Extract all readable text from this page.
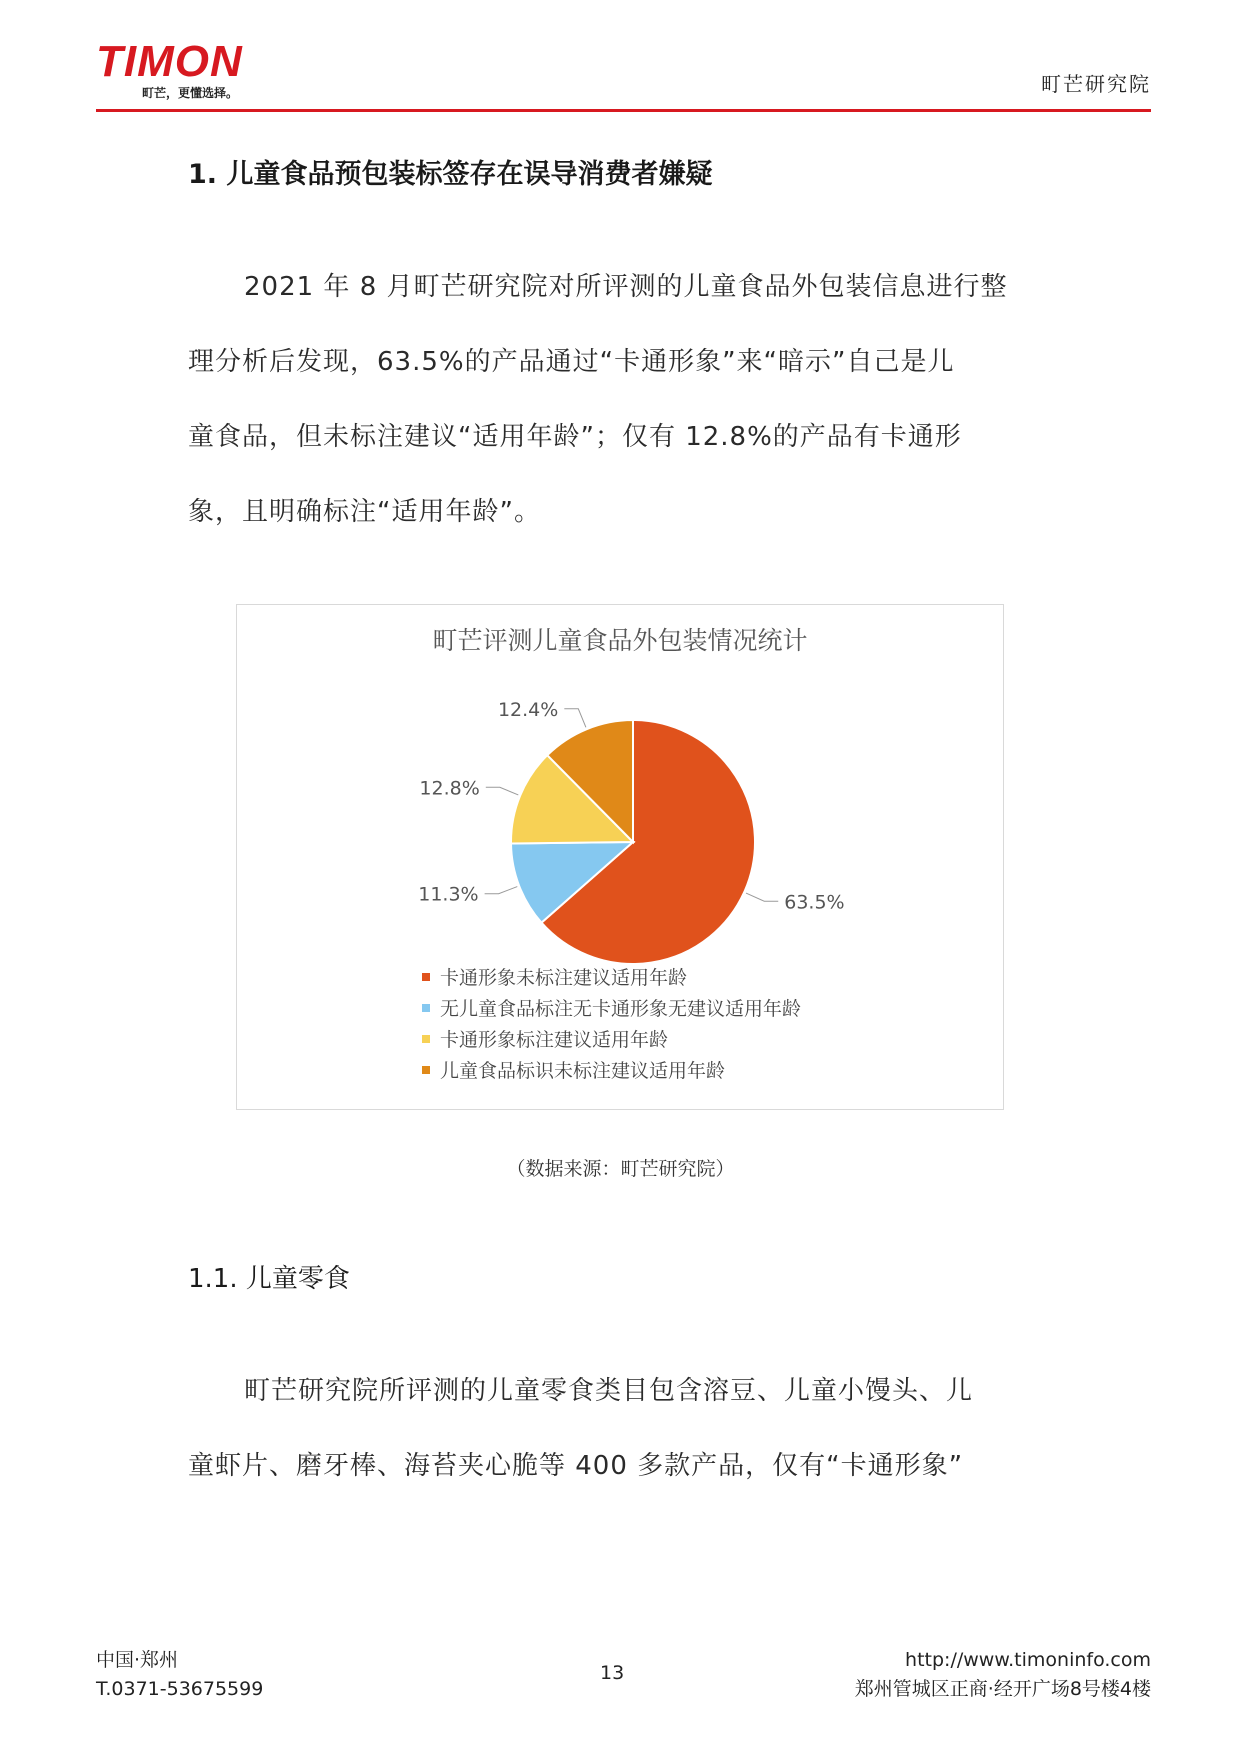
TIMON
町芒，更懂选择。	町芒研究院
1. 儿童食品预包装标签存在误导消费者嫌疑
2021 年 8 月町芒研究院对所评测的儿童食品外包装信息进行整
理分析后发现，63.5%的产品通过“卡通形象”来“暗示”自己是儿
童食品，但未标注建议“适用年龄”；仅有 12.8%的产品有卡通形
象，且明确标注“适用年龄”。
町芒评测儿童食品外包装情况统计
63.5%
11.3%
12.8%
12.4%
卡通形象未标注建议适用年龄
无儿童食品标注无卡通形象无建议适用年龄
卡通形象标注建议适用年龄
儿童食品标识未标注建议适用年龄
（数据来源：町芒研究院）
1.1. 儿童零食
町芒研究院所评测的儿童零食类目包含溶豆、儿童小馒头、儿
童虾片、磨牙棒、海苔夹心脆等 400 多款产品，仅有“卡通形象”
中国·郑州
T.0371-53675599
13
http://www.timoninfo.com
郑州管城区正商·经开广场8号楼4楼
